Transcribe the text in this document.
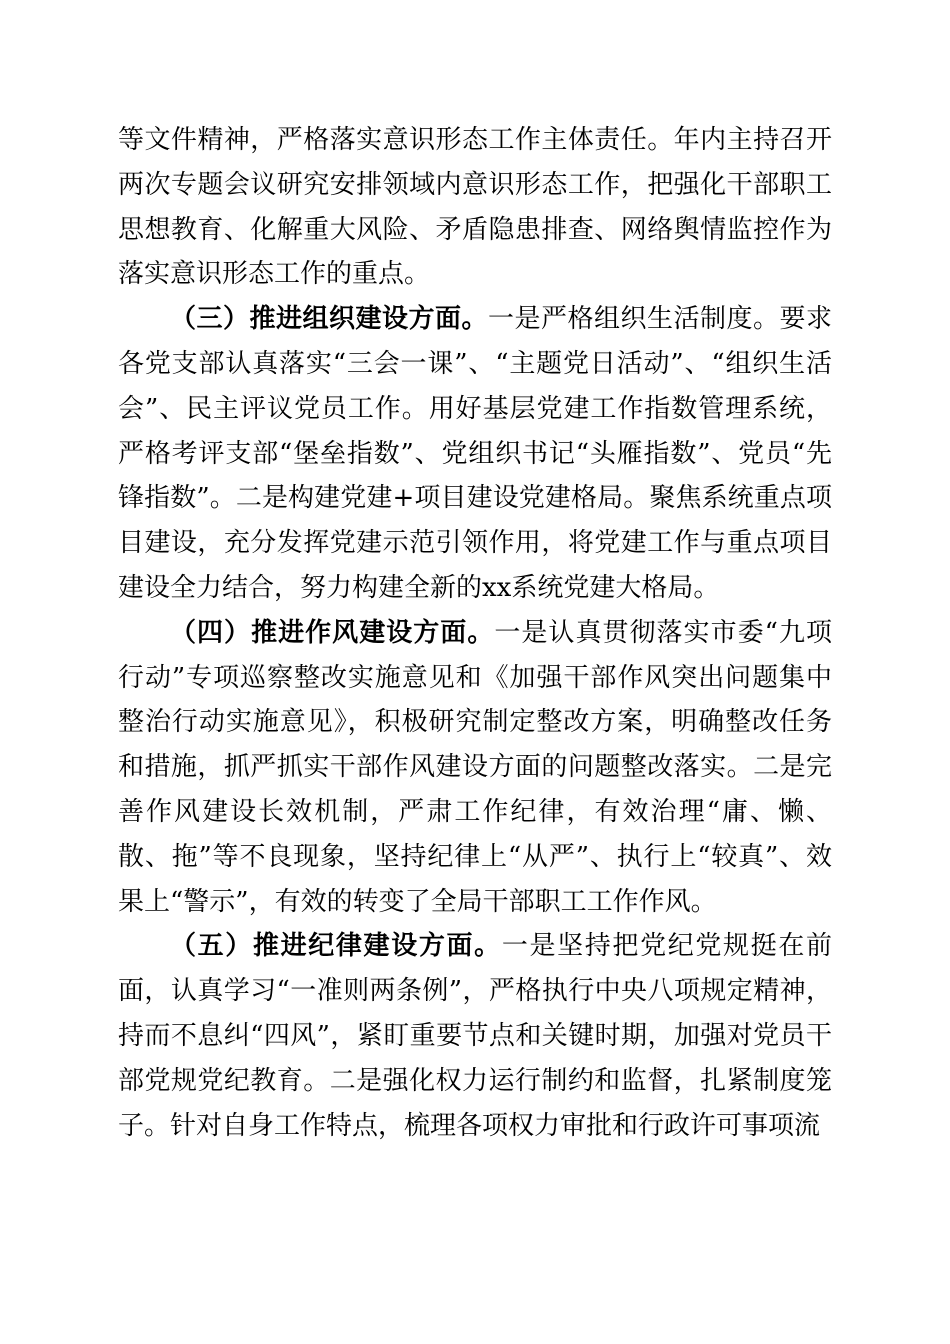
等文件精神，严格落实意识形态工作主体责任。年内主持召开两次专题会议研究安排领域内意识形态工作，把强化干部职工思想教育、化解重大风险、矛盾隐患排查、网络舆情监控作为落实意识形态工作的重点。

（三）推进组织建设方面。一是严格组织生活制度。要求各党支部认真落实“三会一课”、“主题党日活动”、“组织生活会”、民主评议党员工作。用好基层党建工作指数管理系统，严格考评支部“堡垒指数”、党组织书记“头雁指数”、党员“先锋指数”。二是构建党建+项目建设党建格局。聚焦系统重点项目建设，充分发挥党建示范引领作用，将党建工作与重点项目建设全力结合，努力构建全新的xx系统党建大格局。

（四）推进作风建设方面。一是认真贯彻落实市委“九项行动”专项巡察整改实施意见和《加强干部作风突出问题集中整治行动实施意见》，积极研究制定整改方案，明确整改任务和措施，抓严抓实干部作风建设方面的问题整改落实。二是完善作风建设长效机制，严肃工作纪律，有效治理“庸、懒、散、拖”等不良现象，坚持纪律上“从严”、执行上“较真”、效果上“警示”，有效的转变了全局干部职工工作作风。

（五）推进纪律建设方面。一是坚持把党纪党规挺在前面，认真学习“一准则两条例”，严格执行中央八项规定精神，持而不息纠“四风”，紧盯重要节点和关键时期，加强对党员干部党规党纪教育。二是强化权力运行制约和监督，扎紧制度笼子。针对自身工作特点，梳理各项权力审批和行政许可事项流
